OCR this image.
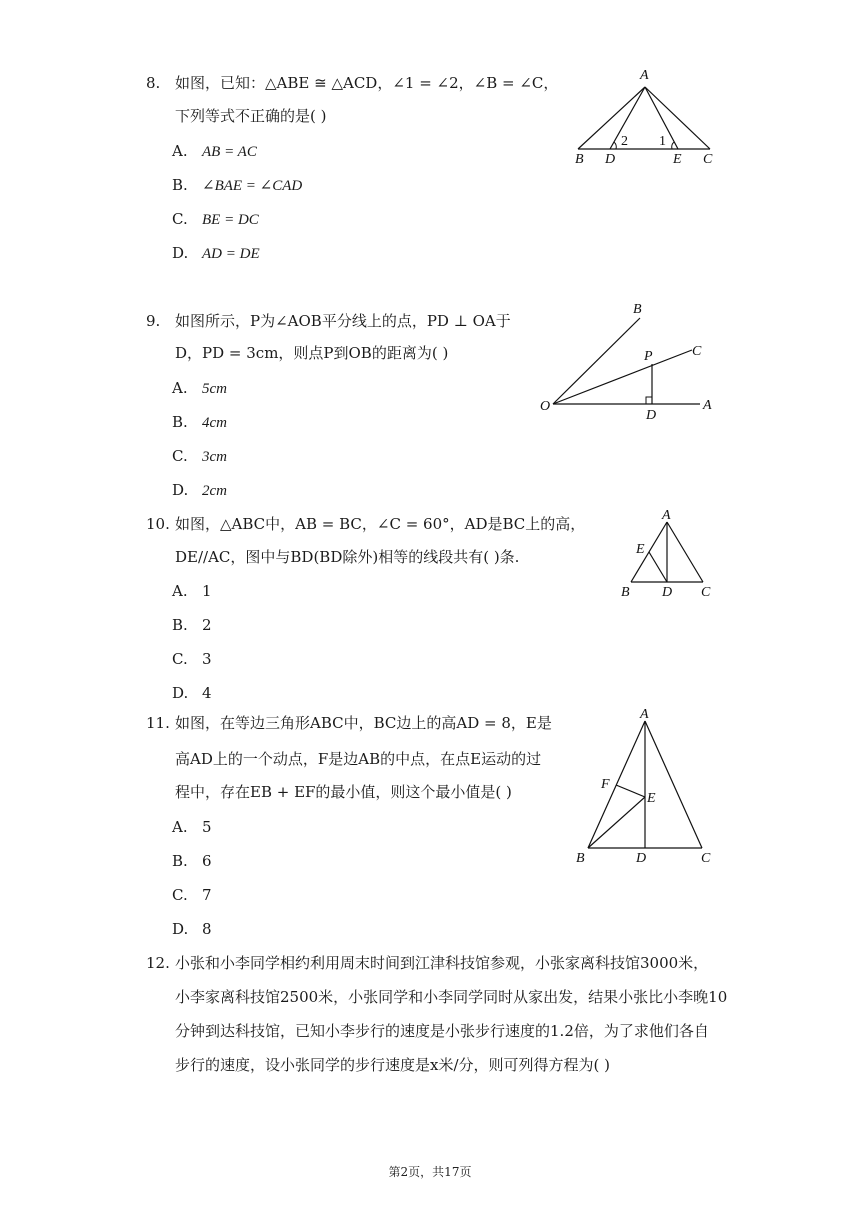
8. 如图，已知：△ABE ≅ △ACD，∠1 = ∠2，∠B = ∠C，
下列等式不正确的是( )
A. AB = AC
B. ∠BAE = ∠CAD
C. BE = DC
D. AD = DE
A
B D	E C
2 1
9. 如图所示，P为∠AOB平分线上的点，PD ⊥ OA于
D，PD = 3cm，则点P到OB的距离为( )
A. 5cm
B. 4cm
C. 3cm
D. 2cm
B
C
P
O
D
A
10. 如图，△ABC中，AB = BC，∠C = 60°，AD是BC上的高，
DE//AC，图中与BD(BD除外)相等的线段共有( )条.
A. 1
B. 2
C. 3
D. 4
A
E
B D C
11. 如图，在等边三角形ABC中，BC边上的高AD = 8，E是
高AD上的一个动点，F是边AB的中点，在点E运动的过
程中，存在EB + EF的最小值，则这个最小值是( )
A. 5
B. 6
C. 7
D. 8
A
F
E
B	D	C
12. 小张和小李同学相约利用周末时间到江津科技馆参观，小张家离科技馆3000米，
小李家离科技馆2500米，小张同学和小李同学同时从家出发，结果小张比小李晚10
分钟到达科技馆，已知小李步行的速度是小张步行速度的1.2倍，为了求他们各自
步行的速度，设小张同学的步行速度是x米/分，则可列得方程为( )
第2页，共17页
